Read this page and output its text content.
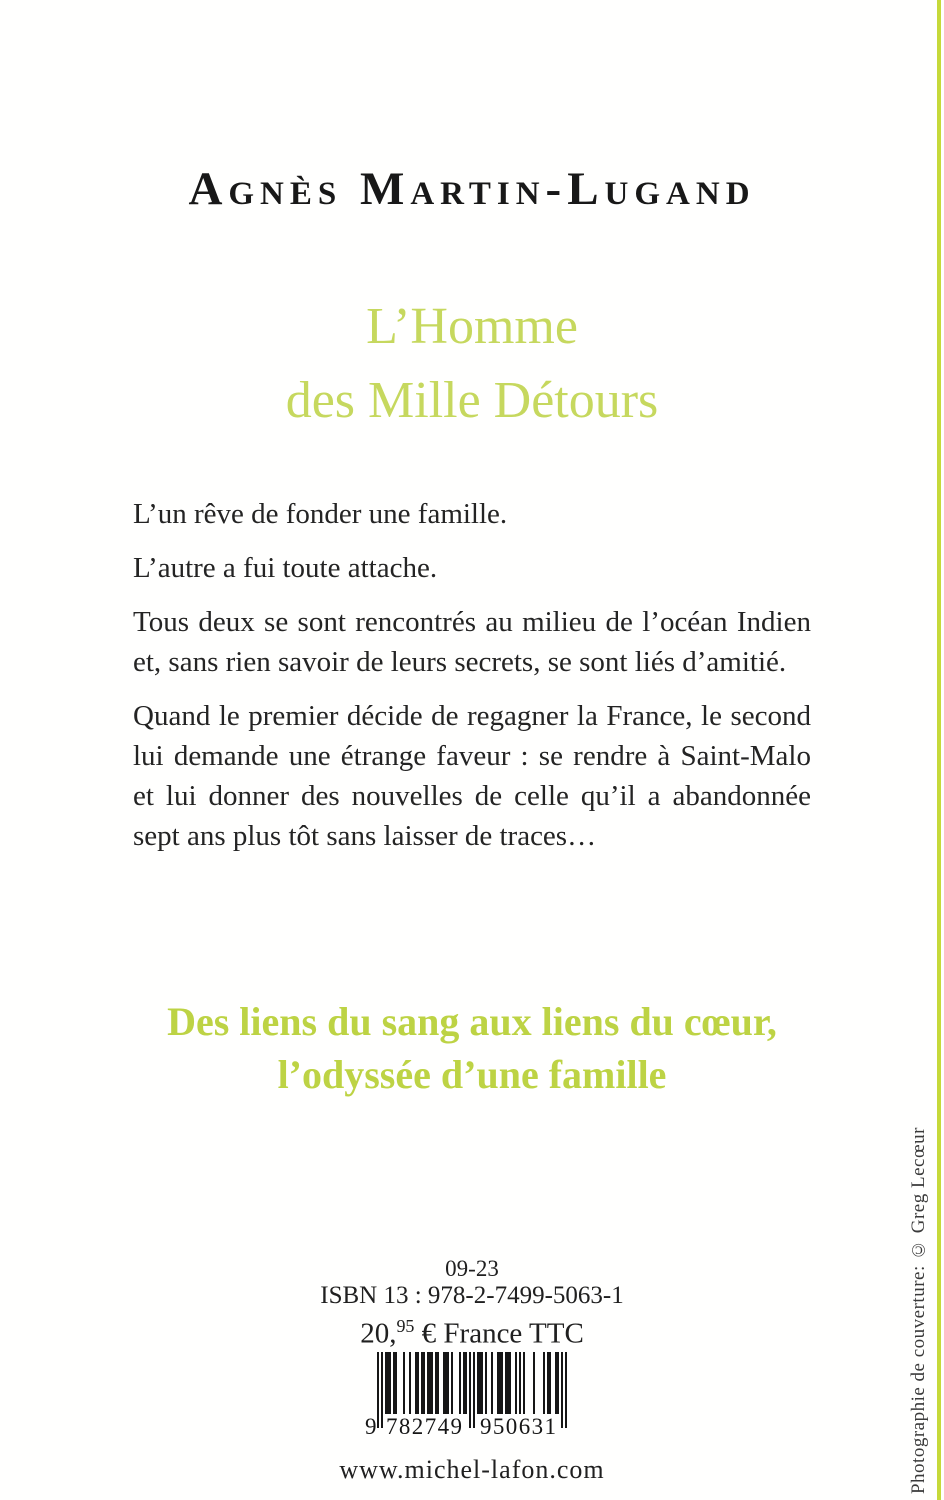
Agnès Martin-Lugand
L’Homme
des Mille Détours

L’un rêve de fonder une famille.

L’autre a fui toute attache.

Tous deux se sont rencontrés au milieu de l’océan Indien et, sans rien savoir de leurs secrets, se sont liés d’amitié.

Quand le premier décide de regagner la France, le second lui demande une étrange faveur : se rendre à Saint-Malo et lui donner des nouvelles de celle qu’il a abandonnée sept ans plus tôt sans laisser de traces…

Des liens du sang aux liens du cœur,
l’odyssée d’une famille
09-23
ISBN 13 : 978-2-7499-5063-1
20,95 € France TTC
9 782749 950631
www.michel-lafon.com	Photographie de couverture: © Greg Lecœur
